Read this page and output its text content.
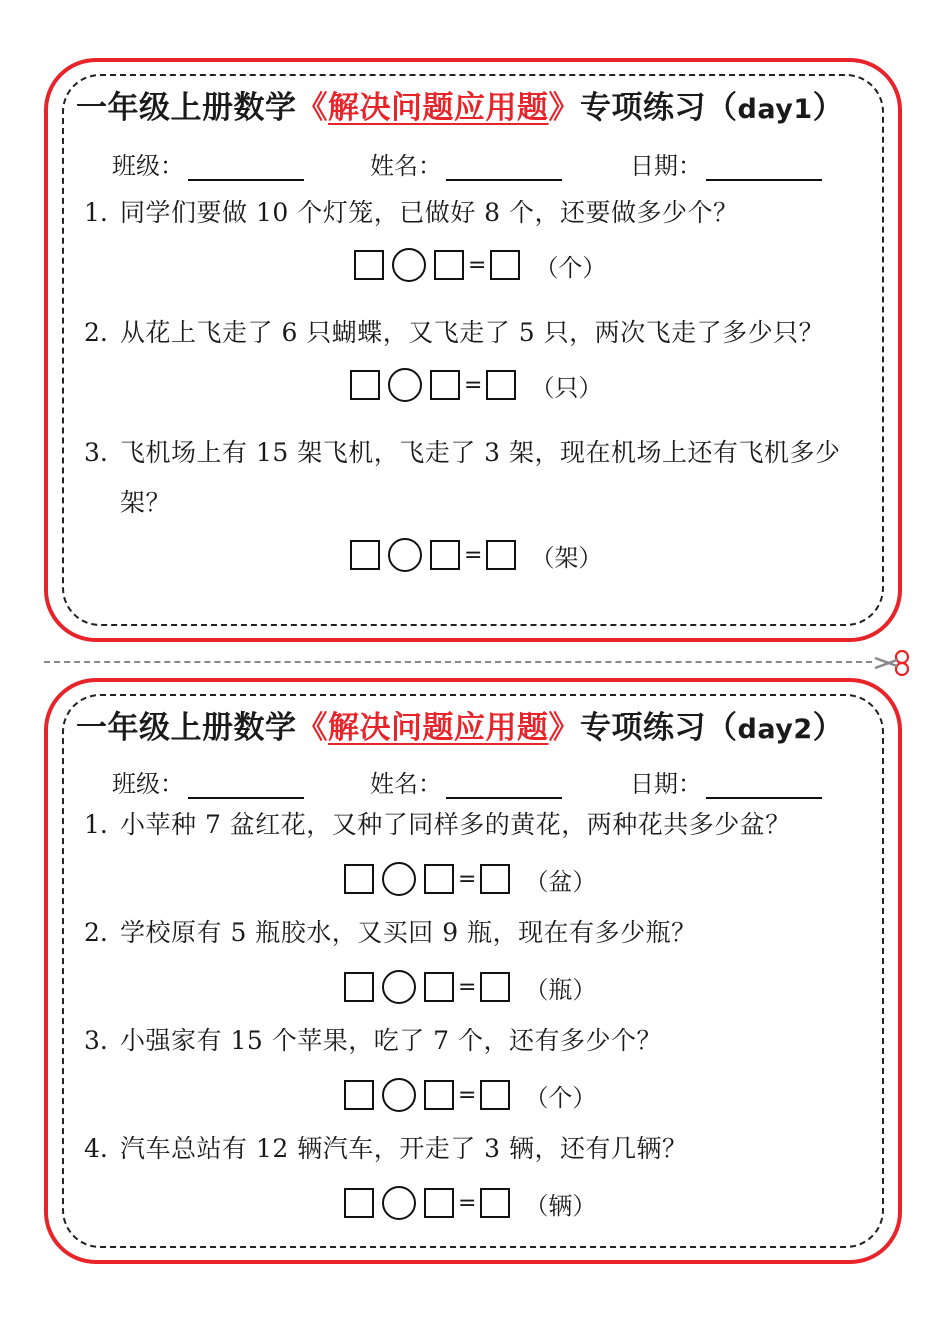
一年级上册数学《解决问题应用题》专项练习（day1）
班级：	姓名：	日期：
1. 同学们要做 10 个灯笼，已做好 8 个，还要做多少个？
= （个）
2. 从花上飞走了 6 只蝴蝶，又飞走了 5 只，两次飞走了多少只？
= （只）
3. 飞机场上有 15 架飞机，飞走了 3 架，现在机场上还有飞机多少架？
= （架）
一年级上册数学《解决问题应用题》专项练习（day2）
班级：	姓名：	日期：
1. 小苹种 7 盆红花，又种了同样多的黄花，两种花共多少盆？
= （盆）
2. 学校原有 5 瓶胶水，又买回 9 瓶，现在有多少瓶？
= （瓶）
3. 小强家有 15 个苹果，吃了 7 个，还有多少个？
= （个）
4. 汽车总站有 12 辆汽车，开走了 3 辆，还有几辆？
= （辆）
